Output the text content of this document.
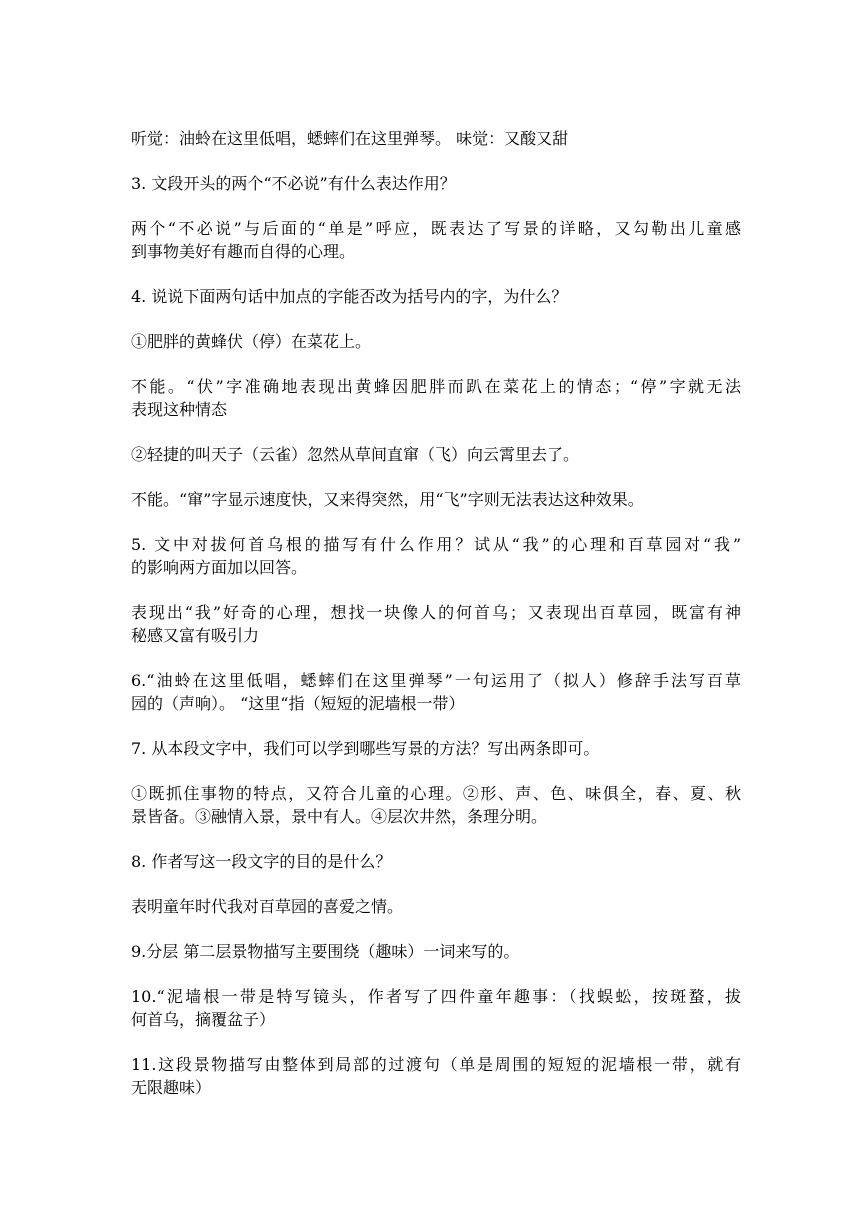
听觉：油蛉在这里低唱，蟋蟀们在这里弹琴。 味觉：又酸又甜
3. 文段开头的两个“不必说”有什么表达作用？
两个“不必说”与后面的“单是”呼应，既表达了写景的详略，又勾勒出儿童感
到事物美好有趣而自得的心理。
4. 说说下面两句话中加点的字能否改为括号内的字，为什么？
①肥胖的黄蜂伏（停）在菜花上。
不能。“伏”字准确地表现出黄蜂因肥胖而趴在菜花上的情态；“停”字就无法
表现这种情态
②轻捷的叫天子（云雀）忽然从草间直窜（飞）向云霄里去了。
不能。“窜”字显示速度快，又来得突然，用“飞”字则无法表达这种效果。
5. 文中对拔何首乌根的描写有什么作用？试从“我”的心理和百草园对“我”
的影响两方面加以回答。
表现出“我”好奇的心理，想找一块像人的何首乌；又表现出百草园，既富有神
秘感又富有吸引力
6.“油蛉在这里低唱，蟋蟀们在这里弹琴”一句运用了（拟人）修辞手法写百草
园的（声响）。 “这里“指（短短的泥墙根一带）
7. 从本段文字中，我们可以学到哪些写景的方法？写出两条即可。
①既抓住事物的特点，又符合儿童的心理。②形、声、色、味俱全，春、夏、秋
景皆备。③融情入景，景中有人。④层次井然，条理分明。
8. 作者写这一段文字的目的是什么？
表明童年时代我对百草园的喜爱之情。
9.分层 第二层景物描写主要围绕（趣味）一词来写的。
10.“泥墙根一带是特写镜头，作者写了四件童年趣事：（找蜈蚣，按斑蝥，拔
何首乌，摘覆盆子）
11.这段景物描写由整体到局部的过渡句（单是周围的短短的泥墙根一带，就有
无限趣味）
